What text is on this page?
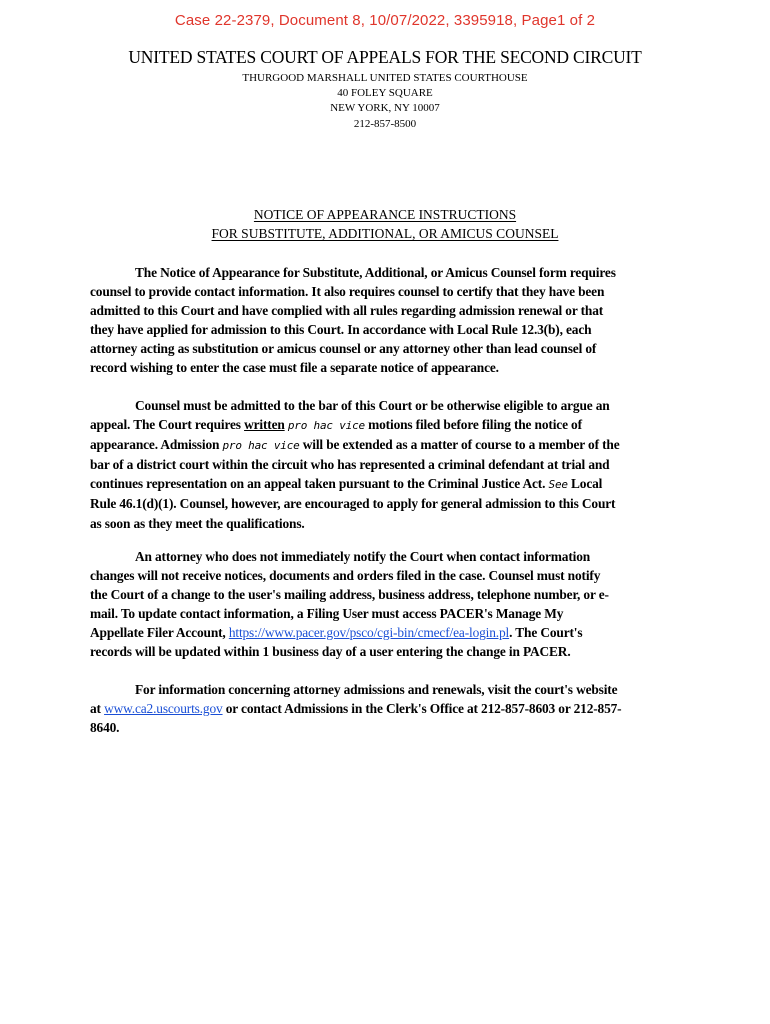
Case 22-2379, Document 8, 10/07/2022, 3395918, Page1 of 2
UNITED STATES COURT OF APPEALS FOR THE SECOND CIRCUIT
THURGOOD MARSHALL UNITED STATES COURTHOUSE
40 FOLEY SQUARE
NEW YORK, NY 10007
212-857-8500
NOTICE OF APPEARANCE INSTRUCTIONS
FOR SUBSTITUTE, ADDITIONAL, OR AMICUS COUNSEL
The Notice of Appearance for Substitute, Additional, or Amicus Counsel form requires
counsel to provide contact information. It also requires counsel to certify that they have been
admitted to this Court and have complied with all rules regarding admission renewal or that
they have applied for admission to this Court. In accordance with Local Rule 12.3(b), each
attorney acting as substitution or amicus counsel or any attorney other than lead counsel of
record wishing to enter the case must file a separate notice of appearance.
Counsel must be admitted to the bar of this Court or be otherwise eligible to argue an
appeal. The Court requires written pro hac vice motions filed before filing the notice of
appearance. Admission pro hac vice will be extended as a matter of course to a member of the
bar of a district court within the circuit who has represented a criminal defendant at trial and
continues representation on an appeal taken pursuant to the Criminal Justice Act. See Local
Rule 46.1(d)(1). Counsel, however, are encouraged to apply for general admission to this Court
as soon as they meet the qualifications.
An attorney who does not immediately notify the Court when contact information
changes will not receive notices, documents and orders filed in the case. Counsel must notify
the Court of a change to the user's mailing address, business address, telephone number, or e-
mail. To update contact information, a Filing User must access PACER's Manage My
Appellate Filer Account, https://www.pacer.gov/psco/cgi-bin/cmecf/ea-login.pl. The Court's
records will be updated within 1 business day of a user entering the change in PACER.
For information concerning attorney admissions and renewals, visit the court's website
at www.ca2.uscourts.gov or contact Admissions in the Clerk's Office at 212-857-8603 or 212-857-
8640.
